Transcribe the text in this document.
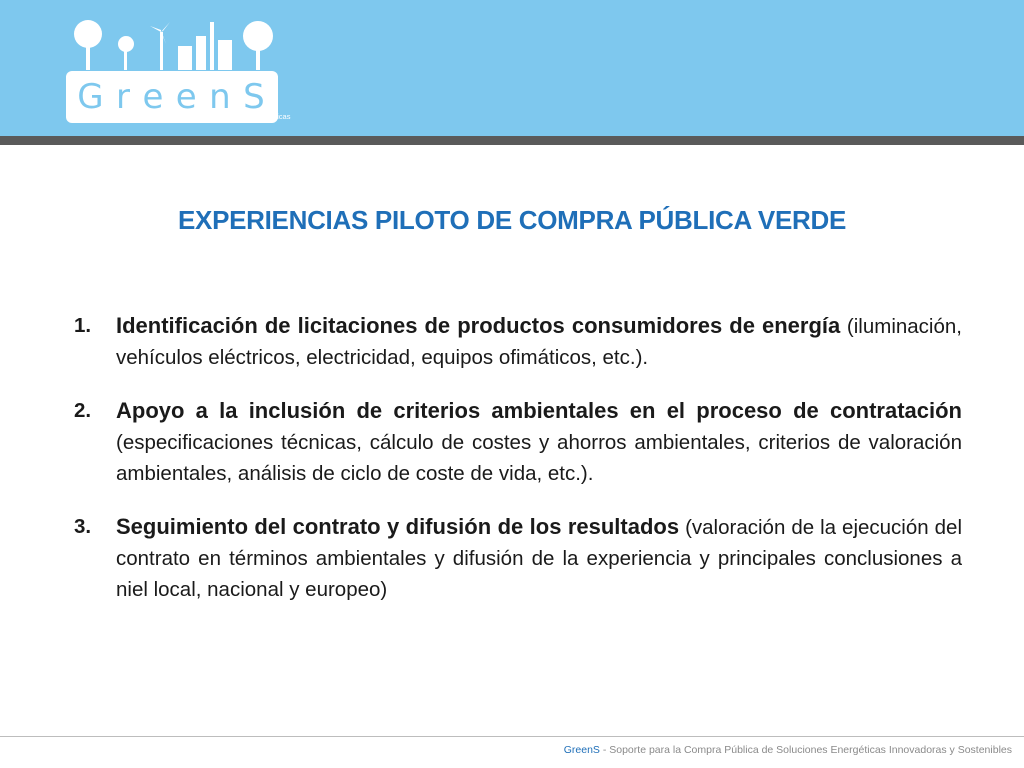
G r e e n S
asistencia técnica • formación en CPS • recomendaciones políticas
EXPERIENCIAS PILOTO DE COMPRA PÚBLICA VERDE
1. Identificación de licitaciones de productos consumidores de energía (iluminación, vehículos eléctricos, electricidad, equipos ofimáticos, etc.).
2. Apoyo a la inclusión de criterios ambientales en el proceso de contratación (especificaciones técnicas, cálculo de costes y ahorros ambientales, criterios de valoración ambientales, análisis de ciclo de coste de vida, etc.).
3. Seguimiento del contrato y difusión de los resultados (valoración de la ejecución del contrato en términos ambientales y difusión de la experiencia y principales conclusiones a niel local, nacional y europeo)
GreenS - Soporte para la Compra Pública de Soluciones Energéticas Innovadoras y Sostenibles
